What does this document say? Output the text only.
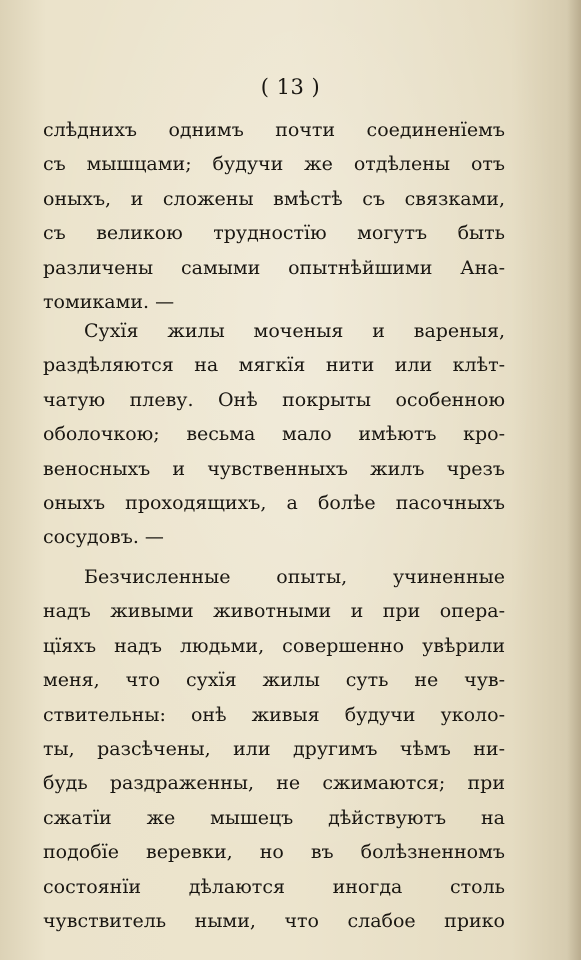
( 13 )
слѣднихъ однимъ почти соединенїемъ
съ мышцами; будучи же отдѣлены отъ
оныхъ, и сложены вмѣстѣ съ связками,
съ великою трудностїю могутъ быть
различены самыми опытнѣйшими Ана-
томиками. —
Сухїя жилы моченыя и вареныя,
раздѣляются на мягкїя нити или клѣт-
чатую плеву. Онѣ покрыты особенною
оболочкою; весьма мало имѣютъ кро-
веносныхъ и чувственныхъ жилъ чрезъ
оныхъ проходящихъ, а болѣе пасочныхъ
сосудовъ. —
Безчисленные опыты, учиненные
надъ живыми животными и при опера-
цїяхъ надъ людьми, совершенно увѣрили
меня, что сухїя жилы суть не чув-
ствительны: онѣ живыя будучи уколо-
ты, разсѣчены, или другимъ чѣмъ ни-
будь раздраженны, не сжимаются; при
сжатїи же мышецъ дѣйствуютъ на
подобїе веревки, но въ болѣзненномъ
состоянїи дѣлаются иногда столь
чувствитель ными, что слабое прико
